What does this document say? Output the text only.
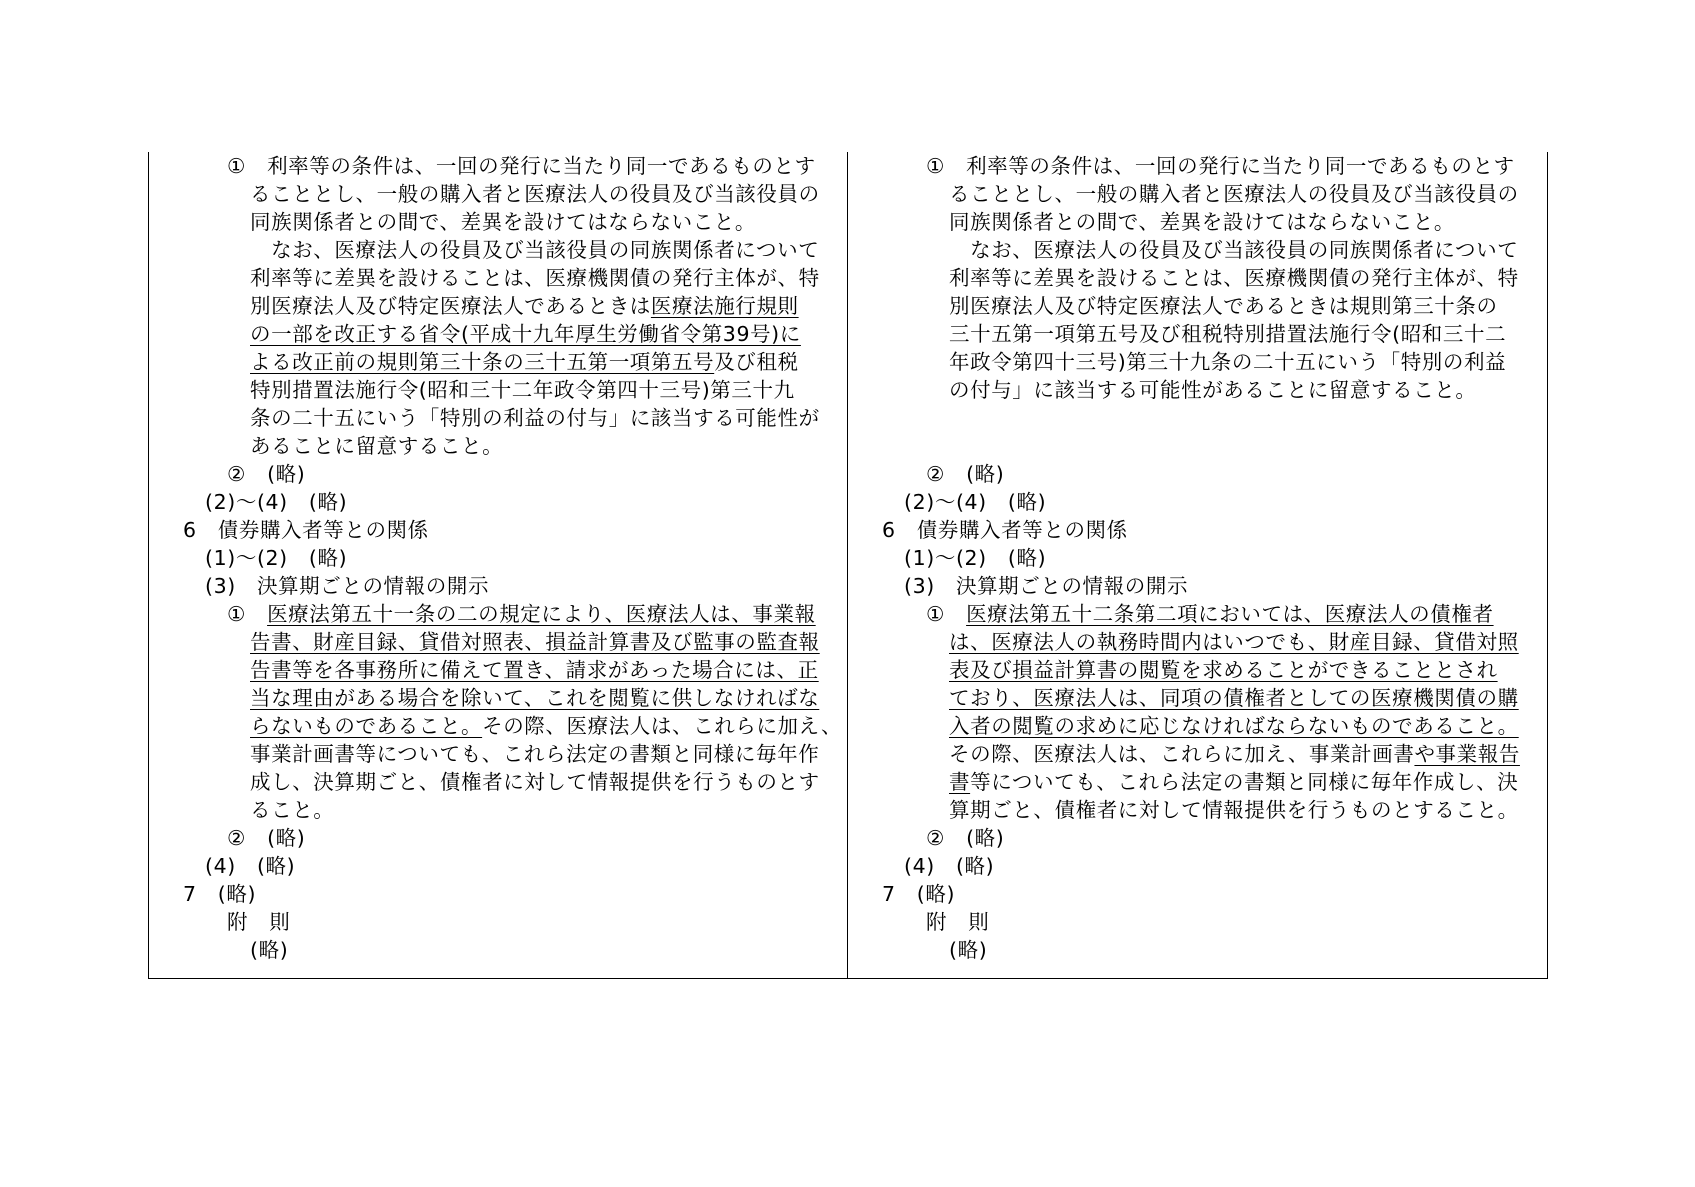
①　利率等の条件は、一回の発行に当たり同一であるものとす
ることとし、一般の購入者と医療法人の役員及び当該役員の
同族関係者との間で、差異を設けてはならないこと。
　なお、医療法人の役員及び当該役員の同族関係者について
利率等に差異を設けることは、医療機関債の発行主体が、特
別医療法人及び特定医療法人であるときは医療法施行規則
の一部を改正する省令(平成十九年厚生労働省令第39号)に
よる改正前の規則第三十条の三十五第一項第五号及び租税
特別措置法施行令(昭和三十二年政令第四十三号)第三十九
条の二十五にいう「特別の利益の付与」に該当する可能性が
あることに留意すること。
②　(略)
(2)～(4)　(略)
6　債券購入者等との関係
(1)～(2)　(略)
(3)　決算期ごとの情報の開示
①　医療法第五十一条の二の規定により、医療法人は、事業報
告書、財産目録、貸借対照表、損益計算書及び監事の監査報
告書等を各事務所に備えて置き、請求があった場合には、正
当な理由がある場合を除いて、これを閲覧に供しなければな
らないものであること。その際、医療法人は、これらに加え、
事業計画書等についても、これら法定の書類と同様に毎年作
成し、決算期ごと、債権者に対して情報提供を行うものとす
ること。
②　(略)
(4)　(略)
7　(略)
附　則
(略)
①　利率等の条件は、一回の発行に当たり同一であるものとす
ることとし、一般の購入者と医療法人の役員及び当該役員の
同族関係者との間で、差異を設けてはならないこと。
　なお、医療法人の役員及び当該役員の同族関係者について
利率等に差異を設けることは、医療機関債の発行主体が、特
別医療法人及び特定医療法人であるときは規則第三十条の
三十五第一項第五号及び租税特別措置法施行令(昭和三十二
年政令第四十三号)第三十九条の二十五にいう「特別の利益
の付与」に該当する可能性があることに留意すること。
②　(略)
(2)～(4)　(略)
6　債券購入者等との関係
(1)～(2)　(略)
(3)　決算期ごとの情報の開示
①　医療法第五十二条第二項においては、医療法人の債権者
は、医療法人の執務時間内はいつでも、財産目録、貸借対照
表及び損益計算書の閲覧を求めることができることとされ
ており、医療法人は、同項の債権者としての医療機関債の購
入者の閲覧の求めに応じなければならないものであること。
その際、医療法人は、これらに加え、事業計画書や事業報告
書等についても、これら法定の書類と同様に毎年作成し、決
算期ごと、債権者に対して情報提供を行うものとすること。
②　(略)
(4)　(略)
7　(略)
附　則
(略)
